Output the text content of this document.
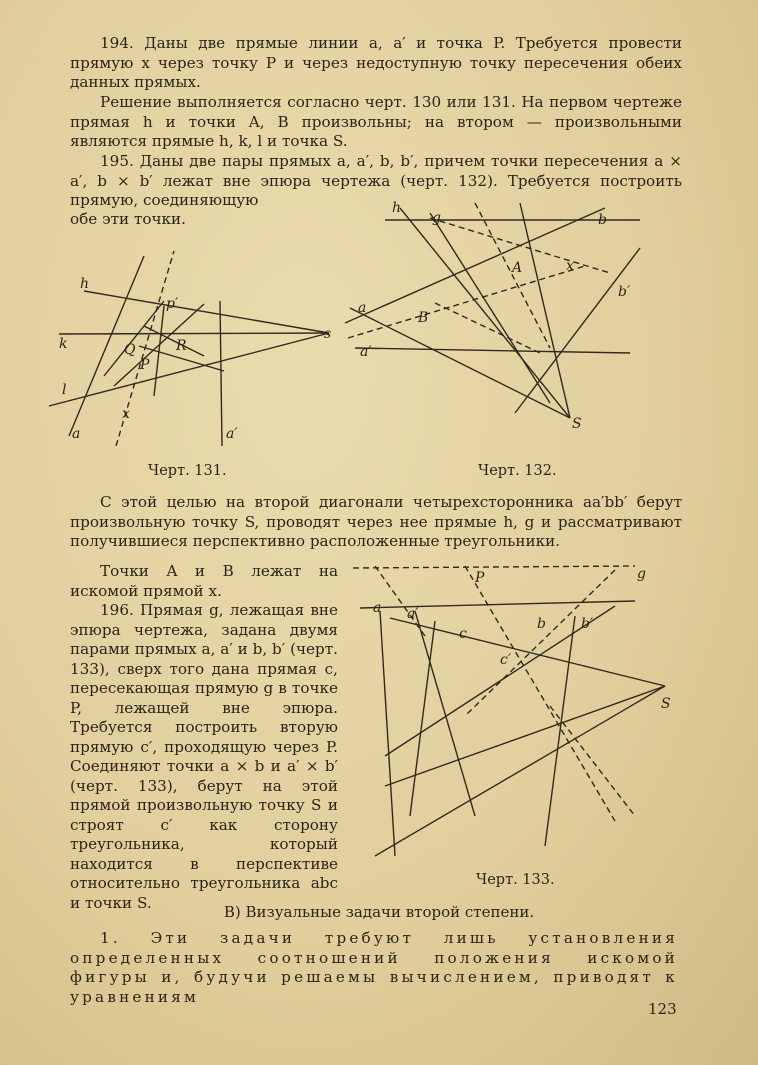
194. Даны две прямые линии a, a′ и точка P. Требуется провести прямую x через точку P и через недоступную точку пересечения обеих данных прямых.

Решение выполняется согласно черт. 130 или 131. На первом чертеже прямая h и точки A, B произвольны; на втором — произвольными являются прямые h, k, l и точка S.

195. Даны две пары прямых a, a′, b, b′, причем точки пересечения a × a′, b × b′ лежат вне эпюра чертежа (черт. 132). Требуется построить прямую, соединяющую

обе эти точки.

h
p′
k	Q	R
P
s
l
x
a	a′
Черт. 131.
h
g	b
A	x
a
B
b′
a′
S
Черт. 132.

С этой целью на второй диагонали четырехсторонника aa′bb′ берут произвольную точку S, проводят через нее прямые h, g и рассматривают получившиеся перспективно расположенные треугольники.

Точки A и B лежат на искомой прямой x.

196. Прямая g, лежащая вне эпюра чертежа, задана двумя парами прямых a, a′ и b, b′ (черт. 133), сверх того дана прямая c, пересекающая прямую g в точке P, лежащей вне эпюра. Требуется построить вторую прямую c′, проходящую через P. Соединяют точки a × b и a′ × b′ (черт. 133), берут на этой прямой произвольную точку S и строят c′ как сторону треугольника, который находится в перспективе относительно треугольника abc и точки S.

P	g
a a′
c
b	b′
c′
S
Черт. 133.
В) Визуальные задачи второй степени.

1. Эти задачи требуют лишь установления определенных соотношений положения искомой фигуры и, будучи решаемы вычислением, приводят к уравнениям

123
